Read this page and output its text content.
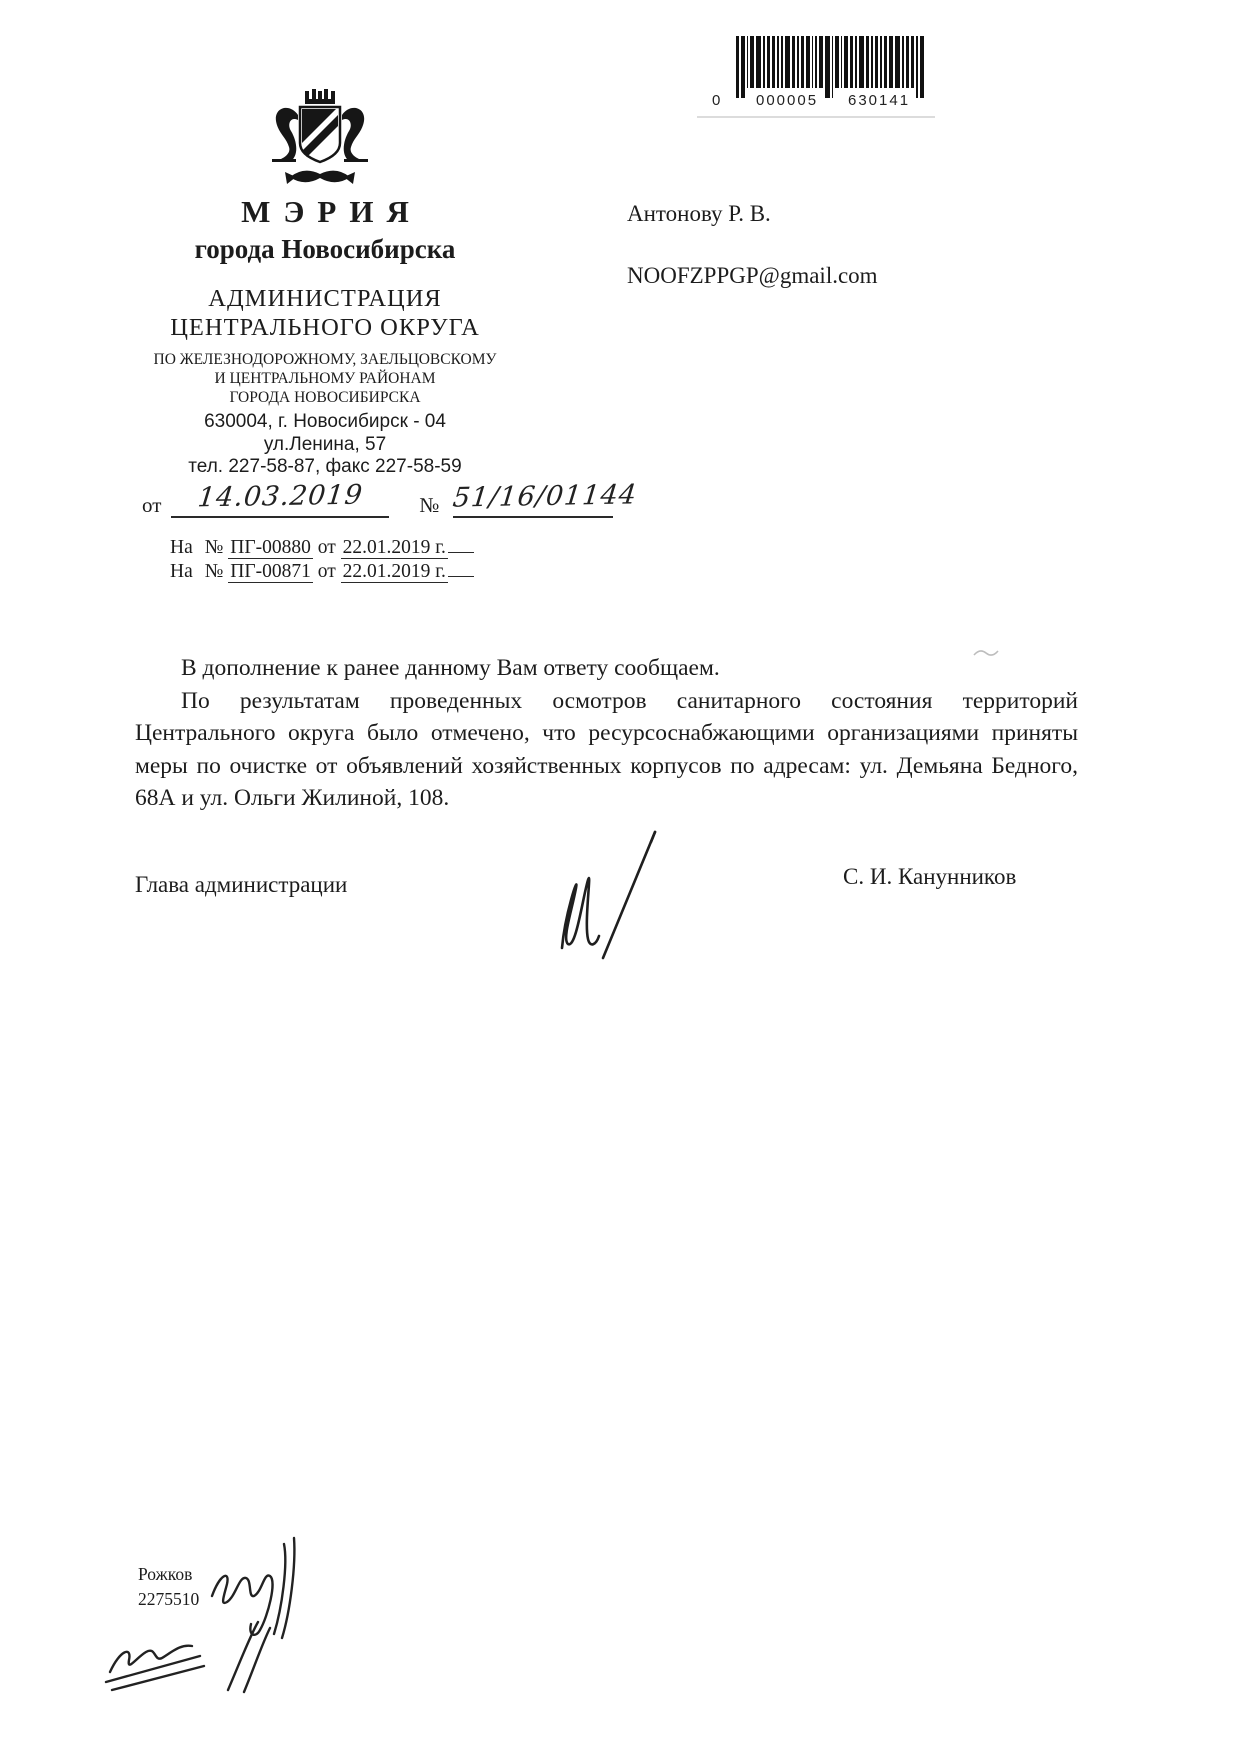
0 000005 630141
МЭРИЯ
города Новосибирска
АДМИНИСТРАЦИЯ
ЦЕНТРАЛЬНОГО ОКРУГА
ПО ЖЕЛЕЗНОДОРОЖНОМУ, ЗАЕЛЬЦОВСКОМУ
И ЦЕНТРАЛЬНОМУ РАЙОНАМ
ГОРОДА НОВОСИБИРСКА
630004, г. Новосибирск - 04
ул.Ленина, 57
тел. 227-58-87, факс 227-58-59
от 14.03.2019	№ 51/16/01144
На № ПГ-00880 от 22.01.2019 г.
На № ПГ-00871 от 22.01.2019 г.
Антонову Р. В.
NOOFZPPGP@gmail.com

В дополнение к ранее данному Вам ответу сообщаем.

По результатам проведенных осмотров санитарного состояния территорий Центрального округа было отмечено, что ресурсоснабжающими организациями приняты меры по очистке от объявлений хозяйственных корпусов по адресам: ул. Демьяна Бедного, 68А и ул. Ольги Жилиной, 108.

Глава администрации	С. И. Канунников
Рожков
2275510
